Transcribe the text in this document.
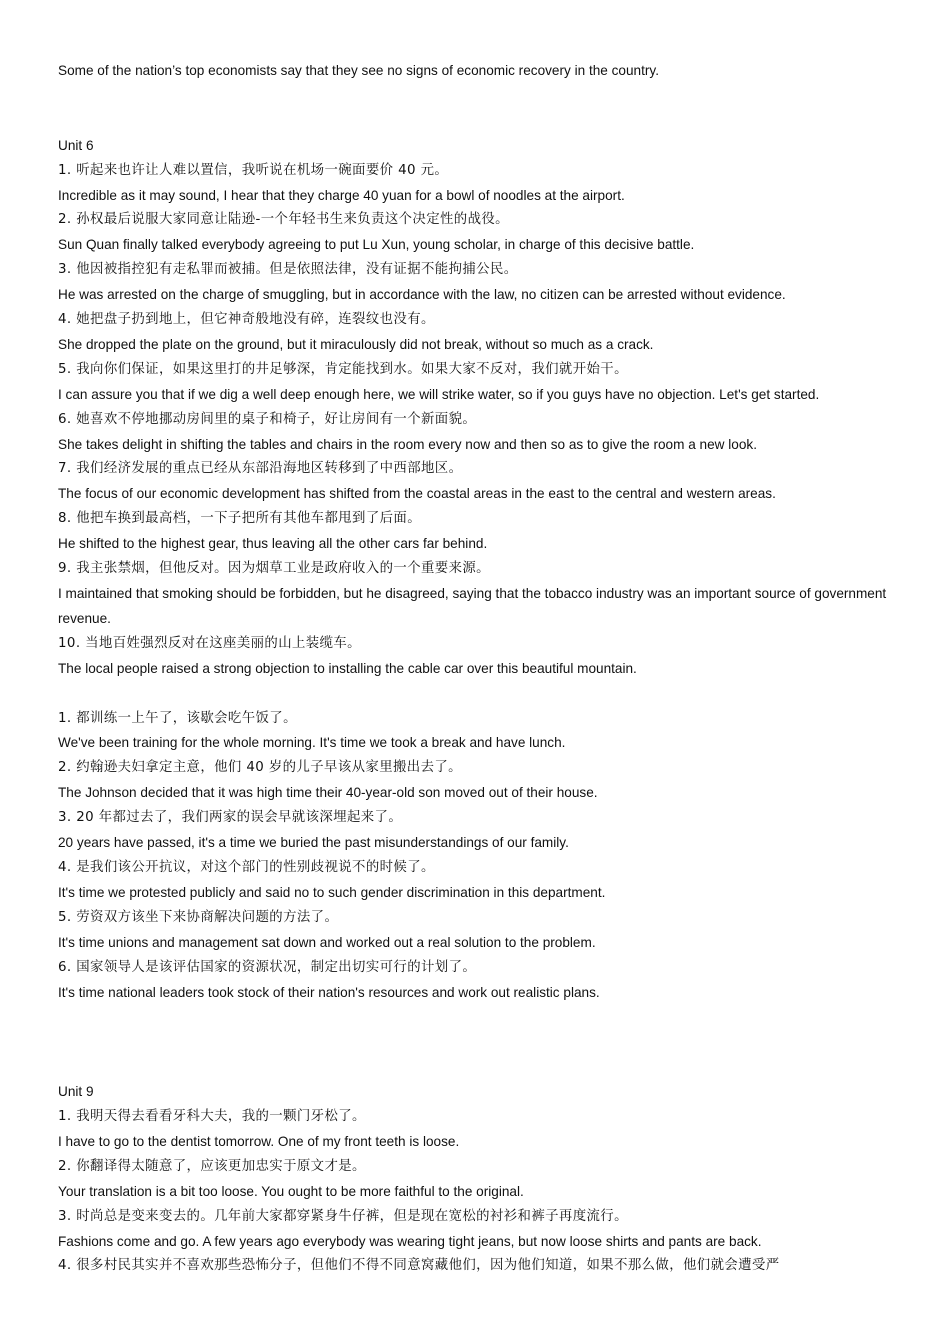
Some of the nation’s top economists say that they see no signs of economic recovery in the country.
Unit 6
1. 听起来也许让人难以置信，我听说在机场一碗面要价 40 元。
Incredible as it may sound, I hear that they charge 40 yuan for a bowl of noodles at the airport.
2. 孙权最后说服大家同意让陆逊-一个年轻书生来负责这个决定性的战役。
Sun Quan finally talked everybody agreeing to put Lu Xun, young scholar, in charge of this decisive battle.
3. 他因被指控犯有走私罪而被捕。但是依照法律，没有证据不能拘捕公民。
He was arrested on the charge of smuggling, but in accordance with the law, no citizen can be arrested without evidence.
4. 她把盘子扔到地上，但它神奇般地没有碎，连裂纹也没有。
She dropped the plate on the ground, but it miraculously did not break, without so much as a crack.
5. 我向你们保证，如果这里打的井足够深，肯定能找到水。如果大家不反对，我们就开始干。
I can assure you that if we dig a well deep enough here, we will strike water, so if you guys have no objection. Let's get started.
6. 她喜欢不停地挪动房间里的桌子和椅子，好让房间有一个新面貌。
She takes delight in shifting the tables and chairs in the room every now and then so as to give the room a new look.
7. 我们经济发展的重点已经从东部沿海地区转移到了中西部地区。
The focus of our economic development has shifted from the coastal areas in the east to the central and western areas.
8. 他把车换到最高档，一下子把所有其他车都甩到了后面。
He shifted to the highest gear, thus leaving all the other cars far behind.
9. 我主张禁烟，但他反对。因为烟草工业是政府收入的一个重要来源。
I maintained that smoking should be forbidden, but he disagreed, saying that the tobacco industry was an important source of government revenue.
10. 当地百姓强烈反对在这座美丽的山上装缆车。
The local people raised a strong objection to installing the cable car over this beautiful mountain.
1. 都训练一上午了，该歇会吃午饭了。
We've been training for the whole morning. It's time we took a break and have lunch.
2. 约翰逊夫妇拿定主意，他们 40 岁的儿子早该从家里搬出去了。
The Johnson decided that it was high time their 40-year-old son moved out of their house.
3. 20 年都过去了，我们两家的误会早就该深埋起来了。
20 years have passed, it's a time we buried the past misunderstandings of our family.
4. 是我们该公开抗议，对这个部门的性别歧视说不的时候了。
It's time we protested publicly and said no to such gender discrimination in this department.
5. 劳资双方该坐下来协商解决问题的方法了。
It's time unions and management sat down and worked out a real solution to the problem.
6. 国家领导人是该评估国家的资源状况，制定出切实可行的计划了。
It's time national leaders took stock of their nation's resources and work out realistic plans.
Unit 9
1. 我明天得去看看牙科大夫，我的一颗门牙松了。
I have to go to the dentist tomorrow. One of my front teeth is loose.
2. 你翻译得太随意了，应该更加忠实于原文才是。
Your translation is a bit too loose. You ought to be more faithful to the original.
3. 时尚总是变来变去的。几年前大家都穿紧身牛仔裤，但是现在宽松的衬衫和裤子再度流行。
Fashions come and go. A few years ago everybody was wearing tight jeans, but now loose shirts and pants are back.
4. 很多村民其实并不喜欢那些恐怖分子，但他们不得不同意窝藏他们，因为他们知道，如果不那么做，他们就会遭受严
